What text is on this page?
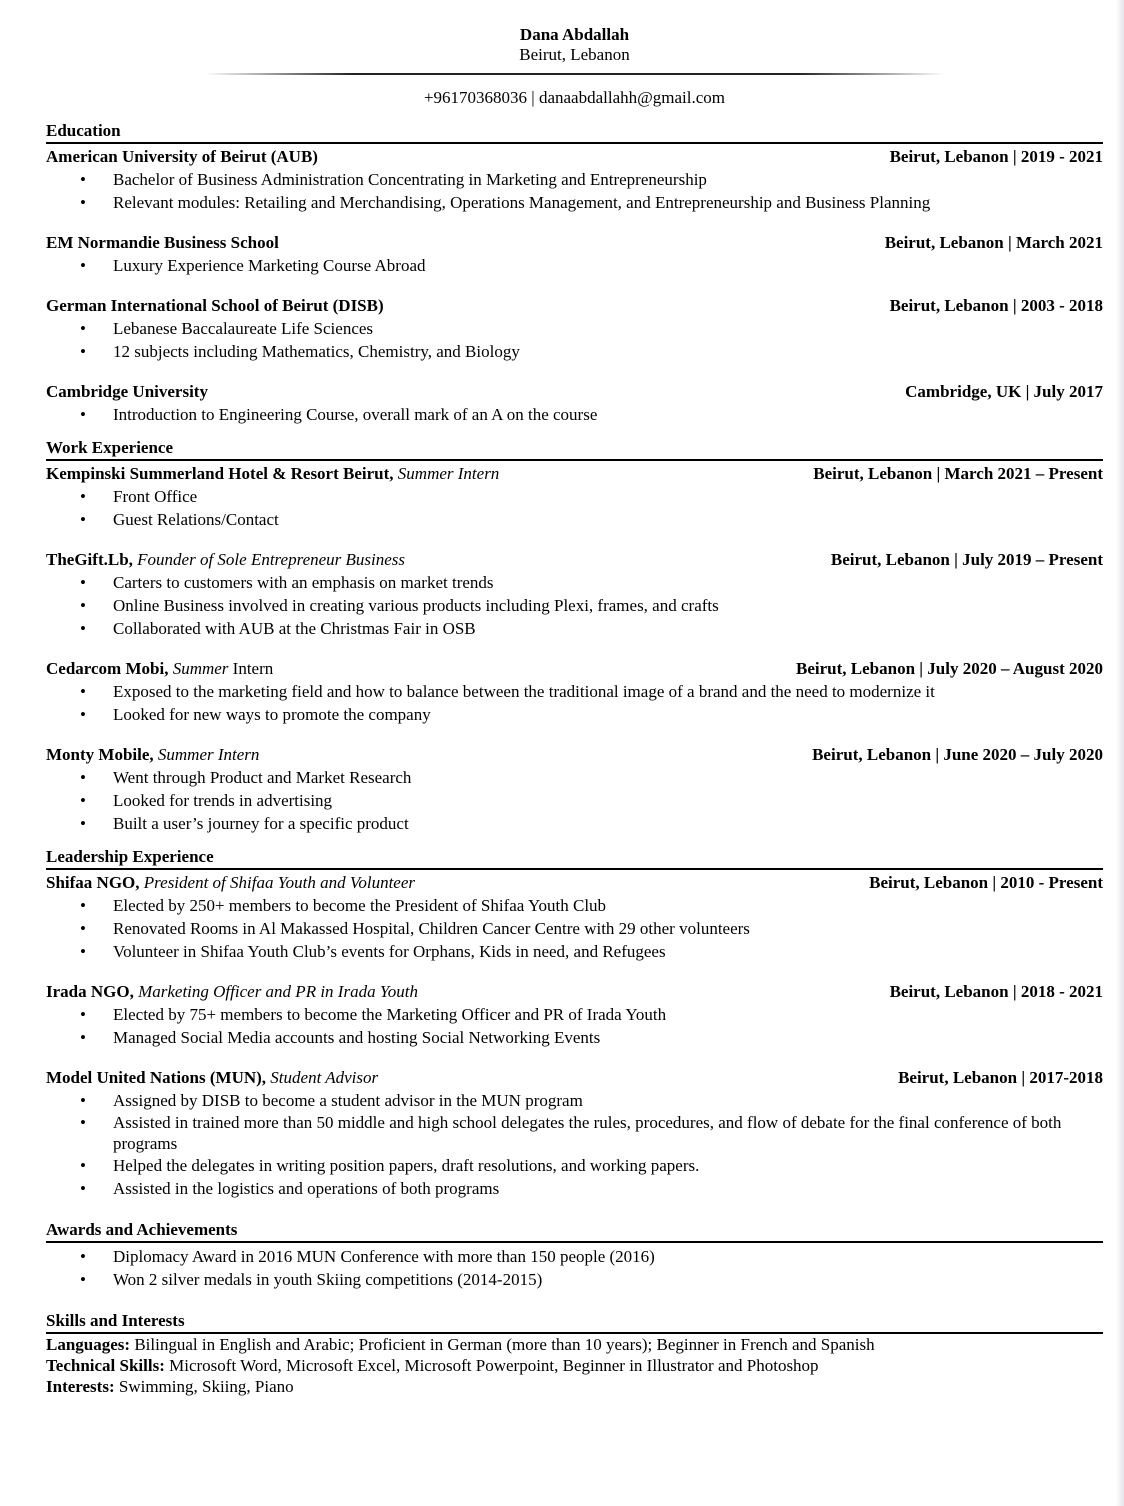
Dana Abdallah
Beirut, Lebanon
+96170368036 | danaabdallahh@gmail.com
Education
American University of Beirut (AUB)	Beirut, Lebanon | 2019 - 2021
• Bachelor of Business Administration Concentrating in Marketing and Entrepreneurship
• Relevant modules: Retailing and Merchandising, Operations Management, and Entrepreneurship and Business Planning
EM Normandie Business School	Beirut, Lebanon | March 2021
• Luxury Experience Marketing Course Abroad
German International School of Beirut (DISB)	Beirut, Lebanon | 2003 - 2018
• Lebanese Baccalaureate Life Sciences
• 12 subjects including Mathematics, Chemistry, and Biology
Cambridge University	Cambridge, UK | July 2017
• Introduction to Engineering Course, overall mark of an A on the course
Work Experience
Kempinski Summerland Hotel & Resort Beirut, Summer Intern	Beirut, Lebanon | March 2021 – Present
• Front Office
• Guest Relations/Contact
TheGift.Lb, Founder of Sole Entrepreneur Business	Beirut, Lebanon | July 2019 – Present
• Carters to customers with an emphasis on market trends
• Online Business involved in creating various products including Plexi, frames, and crafts
• Collaborated with AUB at the Christmas Fair in OSB
Cedarcom Mobi, Summer Intern	Beirut, Lebanon | July 2020 – August 2020
• Exposed to the marketing field and how to balance between the traditional image of a brand and the need to modernize it
• Looked for new ways to promote the company
Monty Mobile, Summer Intern	Beirut, Lebanon | June 2020 – July 2020
• Went through Product and Market Research
• Looked for trends in advertising
• Built a user’s journey for a specific product
Leadership Experience
Shifaa NGO, President of Shifaa Youth and Volunteer	Beirut, Lebanon | 2010 - Present
• Elected by 250+ members to become the President of Shifaa Youth Club
• Renovated Rooms in Al Makassed Hospital, Children Cancer Centre with 29 other volunteers
• Volunteer in Shifaa Youth Club’s events for Orphans, Kids in need, and Refugees
Irada NGO, Marketing Officer and PR in Irada Youth	Beirut, Lebanon | 2018 - 2021
• Elected by 75+ members to become the Marketing Officer and PR of Irada Youth
• Managed Social Media accounts and hosting Social Networking Events
Model United Nations (MUN), Student Advisor	Beirut, Lebanon | 2017-2018
• Assigned by DISB to become a student advisor in the MUN program
• Assisted in trained more than 50 middle and high school delegates the rules, procedures, and flow of debate for the final conference of both programs
• Helped the delegates in writing position papers, draft resolutions, and working papers.
• Assisted in the logistics and operations of both programs
Awards and Achievements
• Diplomacy Award in 2016 MUN Conference with more than 150 people (2016)
• Won 2 silver medals in youth Skiing competitions (2014-2015)
Skills and Interests
Languages: Bilingual in English and Arabic; Proficient in German (more than 10 years); Beginner in French and Spanish
Technical Skills: Microsoft Word, Microsoft Excel, Microsoft Powerpoint, Beginner in Illustrator and Photoshop
Interests: Swimming, Skiing, Piano
